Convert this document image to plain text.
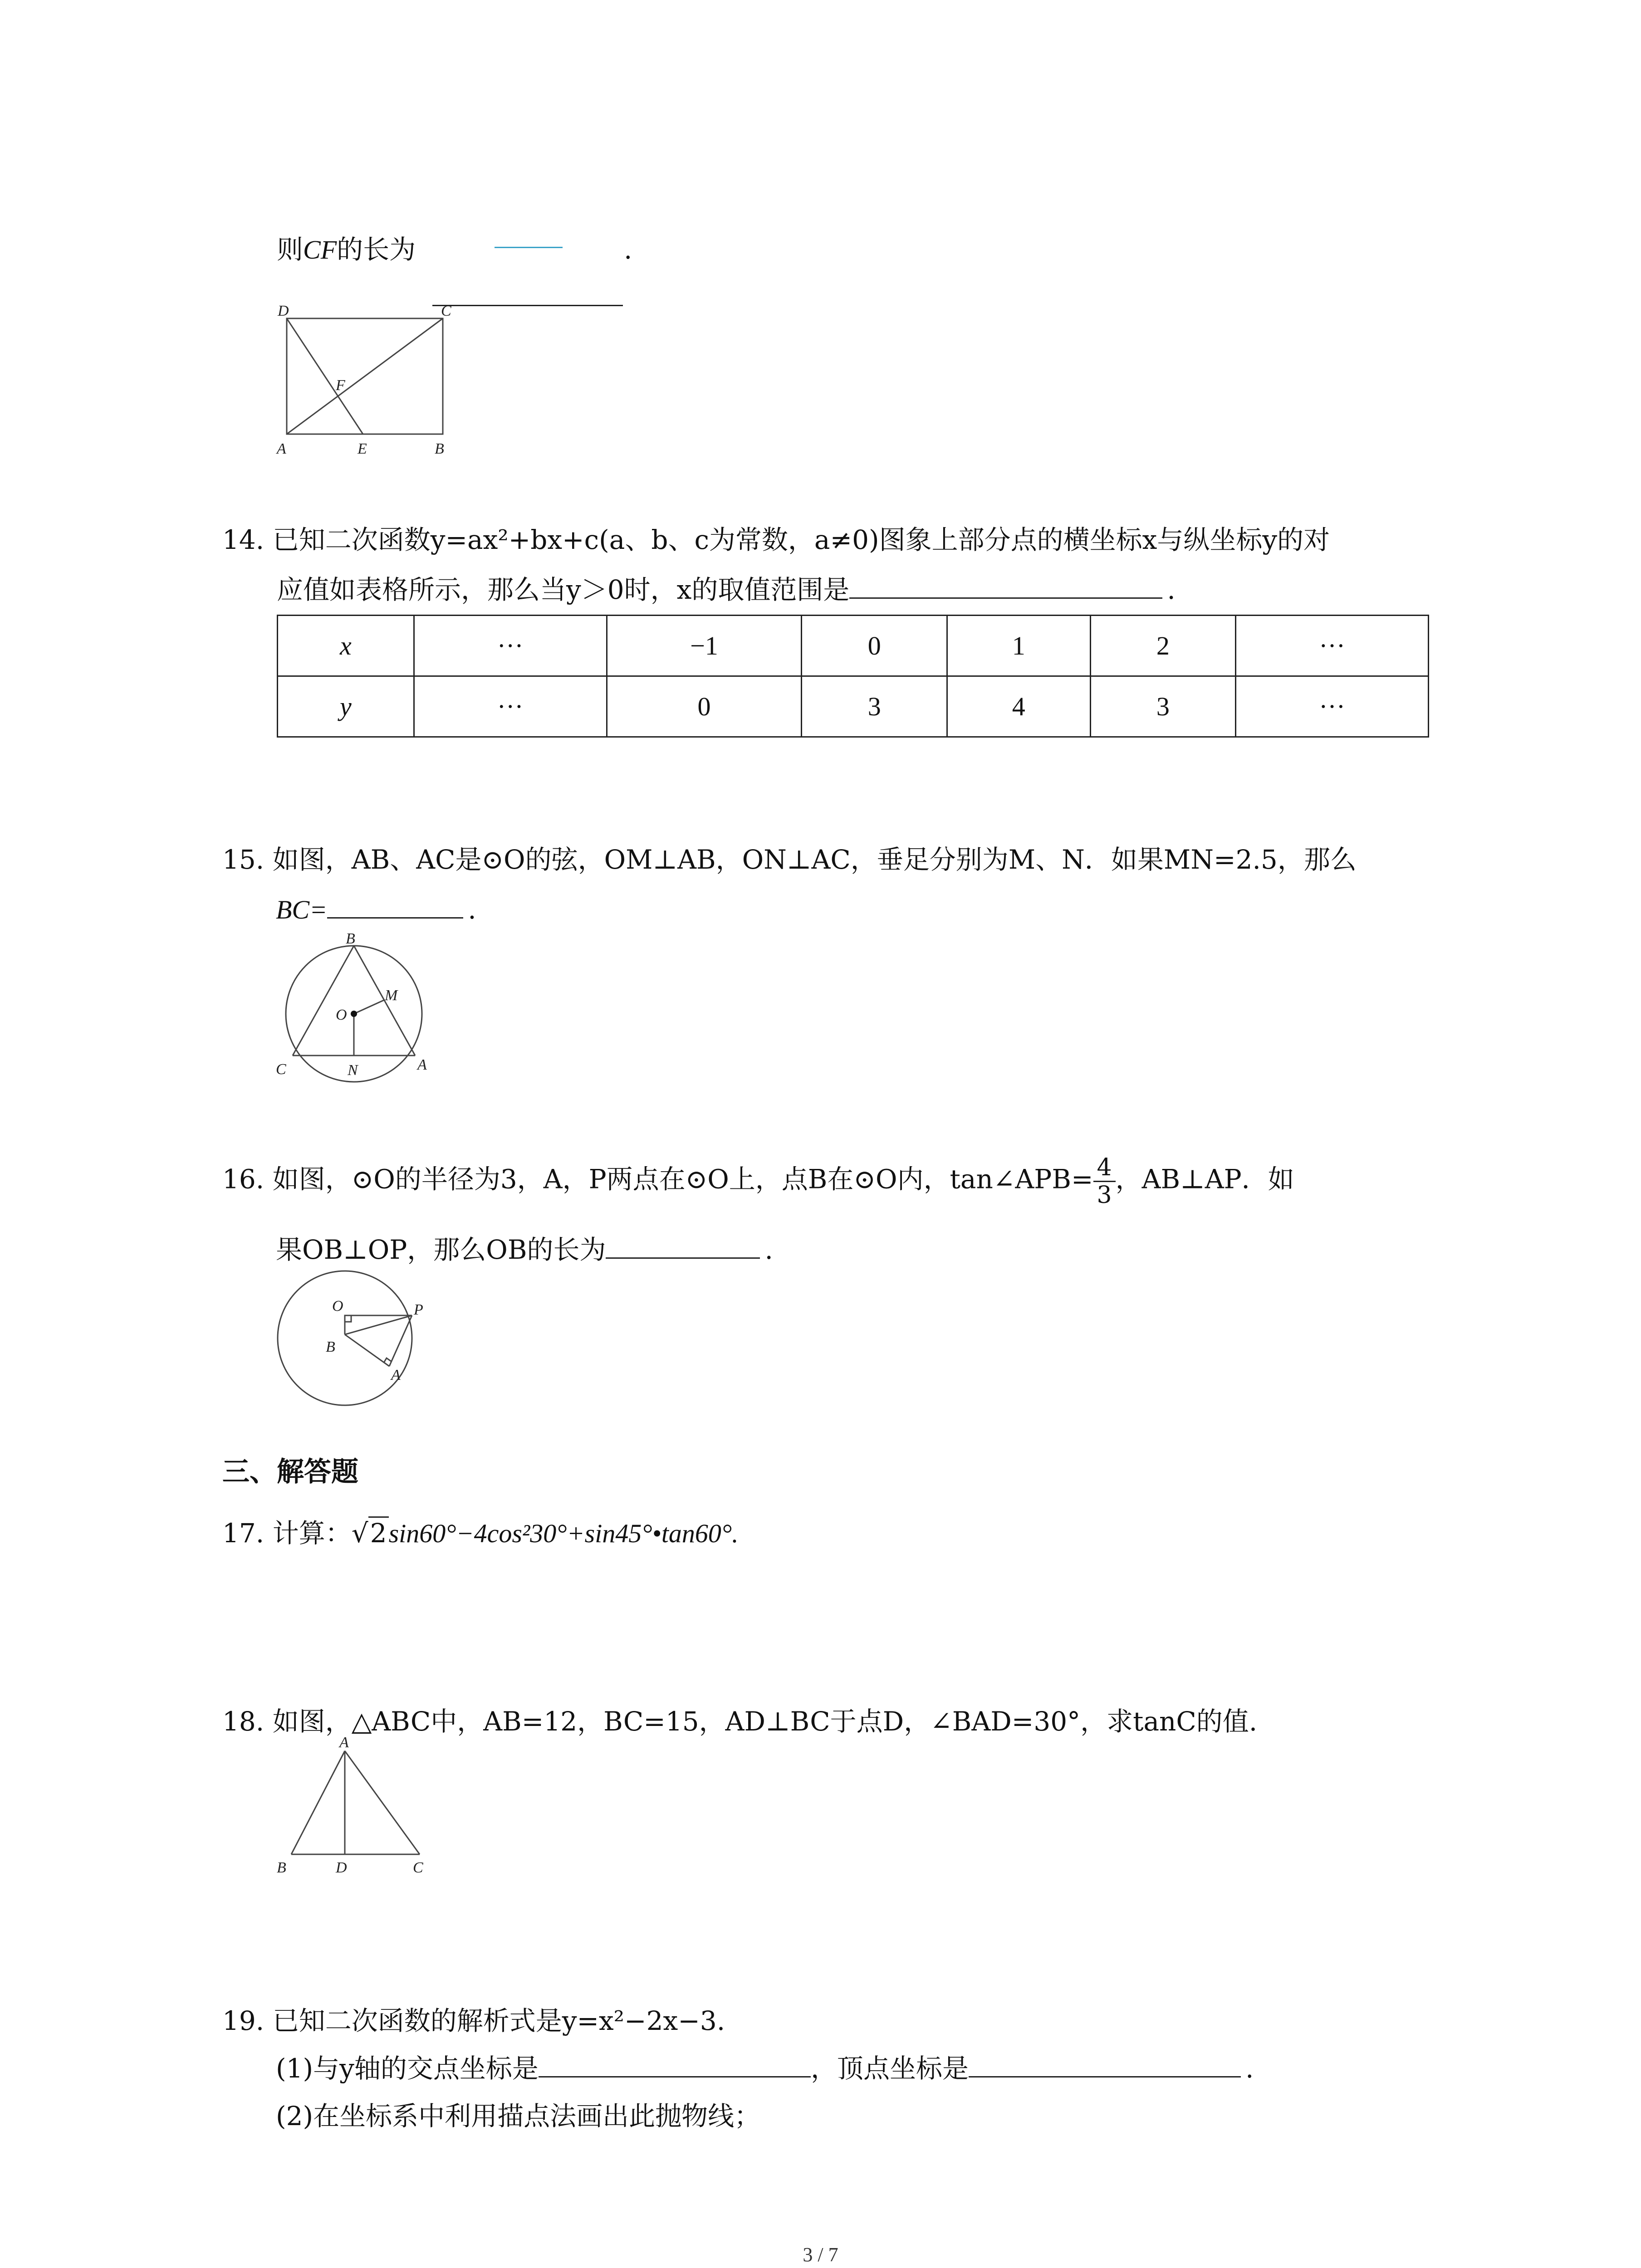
则CF的长为	.
D	C
F
A	E	B
14. 已知二次函数y=ax²+bx+c(a、b、c为常数，a≠0)图象上部分点的横坐标x与纵坐标y的对
应值如表格所示，那么当y＞0时，x的取值范围是	.
x	···	−1	0	1	2	···
y	···	0	3	4	3	···
15. 如图，AB、AC是⊙O的弦，OM⊥AB，ON⊥AC，垂足分别为M、N．如果MN=2.5，那么
BC=	.
B
O
M
C	N	A
16. 如图，⊙O的半径为3，A，P两点在⊙O上，点B在⊙O内，tan∠APB= $\frac{4}{3}$ ，AB⊥AP．如
果OB⊥OP，那么OB的长为	.
O	P
B
A
三、解答题
17. 计算：√2sin60°−4cos²30°+sin45°•tan60°.
18. 如图，△ABC中，AB=12，BC=15，AD⊥BC于点D，∠BAD=30°，求tanC的值.
A
B	D	C
19. 已知二次函数的解析式是y=x²−2x−3.
(1)与y轴的交点坐标是	，顶点坐标是	.
(2)在坐标系中利用描点法画出此抛物线；
3 / 7
